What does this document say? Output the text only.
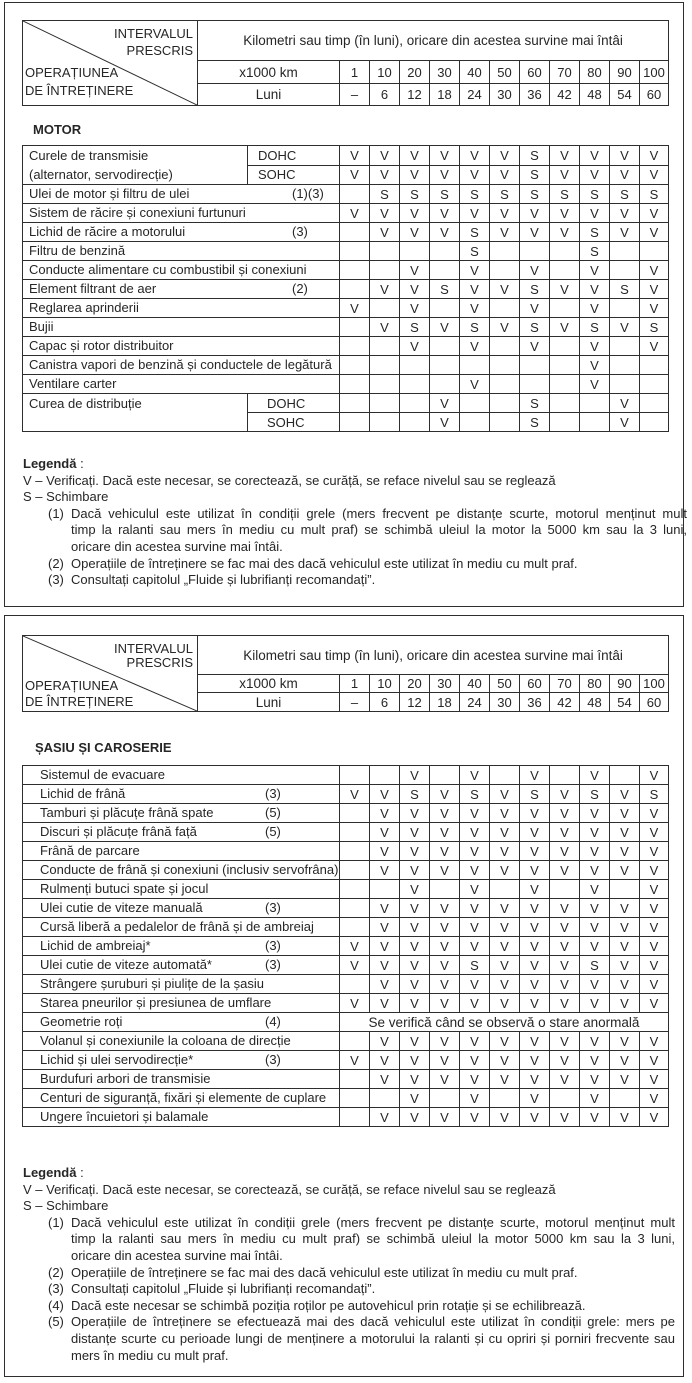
INTERVALUL
PRESCRIS
OPERAȚIUNEA
DE ÎNTREȚINERE	Kilometri sau timp (în luni), oricare din acestea survine mai întâi											
	x1000 km	1	10	20	30	40	50	60	70	80	90	100
	Luni	–	6	12	18	24	30	36	42	48	54	60
MOTOR
Curele de transmisie
(alternator, servodirecție)	DOHC	V	V	V	V	V	V	S	V	V	V	V
	SOHC	V	V	V	V	V	V	S	V	V	V	V
Ulei de motor și filtru de ulei (1)(3)			S	S	S	S	S	S	S	S	S	S
Sistem de răcire și conexiuni furtunuri		V	V	V	V	V	V	V	V	V	V	V
Lichid de răcire a motorului (3)			V	V	V	S	V	V	V	S	V	V
Filtru de benzină						S				S		
Conducte alimentare cu combustibil și conexiuni				V		V		V		V		V
Element filtrant de aer (2)			V	V	S	V	V	S	V	V	S	V
Reglarea aprinderii		V		V		V		V		V		V
Bujii			V	S	V	S	V	S	V	S	V	S
Capac și rotor distribuitor				V		V		V		V		V
Canistra vapori de benzină și conductele de legătură										V		
Ventilare carter						V				V		

Curea de distribuție	DOHC				V			S			V	
	SOHC				V			S			V	
Legendă :
V – Verificați. Dacă este necesar, se corectează, se curăță, se reface nivelul sau se reglează
S – Schimbare
(1) Dacă vehiculul este utilizat în condiții grele (mers frecvent pe distanțe scurte, motorul menținut mult
timp la ralanti sau mers în mediu cu mult praf) se schimbă uleiul la motor la 5000 km sau la 3 luni,
oricare din acestea survine mai întâi.
(2) Operațiile de întreținere se fac mai des dacă vehiculul este utilizat în mediu cu mult praf.
(3) Consultați capitolul „Fluide și lubrifianți recomandați”.
INTERVALUL
PRESCRIS
OPERAȚIUNEA
DE ÎNTREȚINERE	Kilometri sau timp (în luni), oricare din acestea survine mai întâi											
	x1000 km	1	10	20	30	40	50	60	70	80	90	100
	Luni	–	6	12	18	24	30	36	42	48	54	60
ȘASIU ȘI CAROSERIE
Sistemul de evacuare			V		V		V		V		V
Lichid de frână (3)	V	V	S	V	S	V	S	V	S	V	S
Tamburi și plăcuțe frână spate (5)		V	V	V	V	V	V	V	V	V	V
Discuri și plăcuțe frână față (5)		V	V	V	V	V	V	V	V	V	V
Frână de parcare		V	V	V	V	V	V	V	V	V	V
Conducte de frână și conexiuni (inclusiv servofrâna)		V	V	V	V	V	V	V	V	V	V
Rulmenți butuci spate și jocul			V		V		V		V		V
Ulei cutie de viteze manuală (3)		V	V	V	V	V	V	V	V	V	V
Cursă liberă a pedalelor de frână și de ambreiaj		V	V	V	V	V	V	V	V	V	V
Lichid de ambreiaj* (3)	V	V	V	V	V	V	V	V	V	V	V
Ulei cutie de viteze automată* (3)	V	V	V	V	S	V	V	V	S	V	V
Strângere șuruburi și piulițe de la șasiu		V	V	V	V	V	V	V	V	V	V
Starea pneurilor și presiunea de umflare	V	V	V	V	V	V	V	V	V	V	V
Geometrie roți (4)	Se verifică când se observă o stare anormală										
Volanul și conexiunile la coloana de direcție		V	V	V	V	V	V	V	V	V	V
Lichid și ulei servodirecție* (3)	V	V	V	V	V	V	V	V	V	V	V
Burdufuri arbori de transmisie		V	V	V	V	V	V	V	V	V	V
Centuri de siguranță, fixări și elemente de cuplare			V		V		V		V		V
Ungere încuietori și balamale		V	V	V	V	V	V	V	V	V	V
Legendă :
V – Verificați. Dacă este necesar, se corectează, se curăță, se reface nivelul sau se reglează
S – Schimbare
(1) Dacă vehiculul este utilizat în condiții grele (mers frecvent pe distanțe scurte, motorul menținut mult
timp la ralanti sau mers în mediu cu mult praf) se schimbă uleiul la motor 5000 km sau la 3 luni,
oricare din acestea survine mai întâi.
(2) Operațiile de întreținere se fac mai des dacă vehiculul este utilizat în mediu cu mult praf.
(3) Consultați capitolul „Fluide și lubrifianți recomandați”.
(4) Dacă este necesar se schimbă poziția roților pe autovehicul prin rotație și se echilibrează.
(5) Operațiile de întreținere se efectuează mai des dacă vehiculul este utilizat în condiții grele: mers pe
distanțe scurte cu perioade lungi de menținere a motorului la ralanti și cu opriri și porniri frecvente sau
mers în mediu cu mult praf.
